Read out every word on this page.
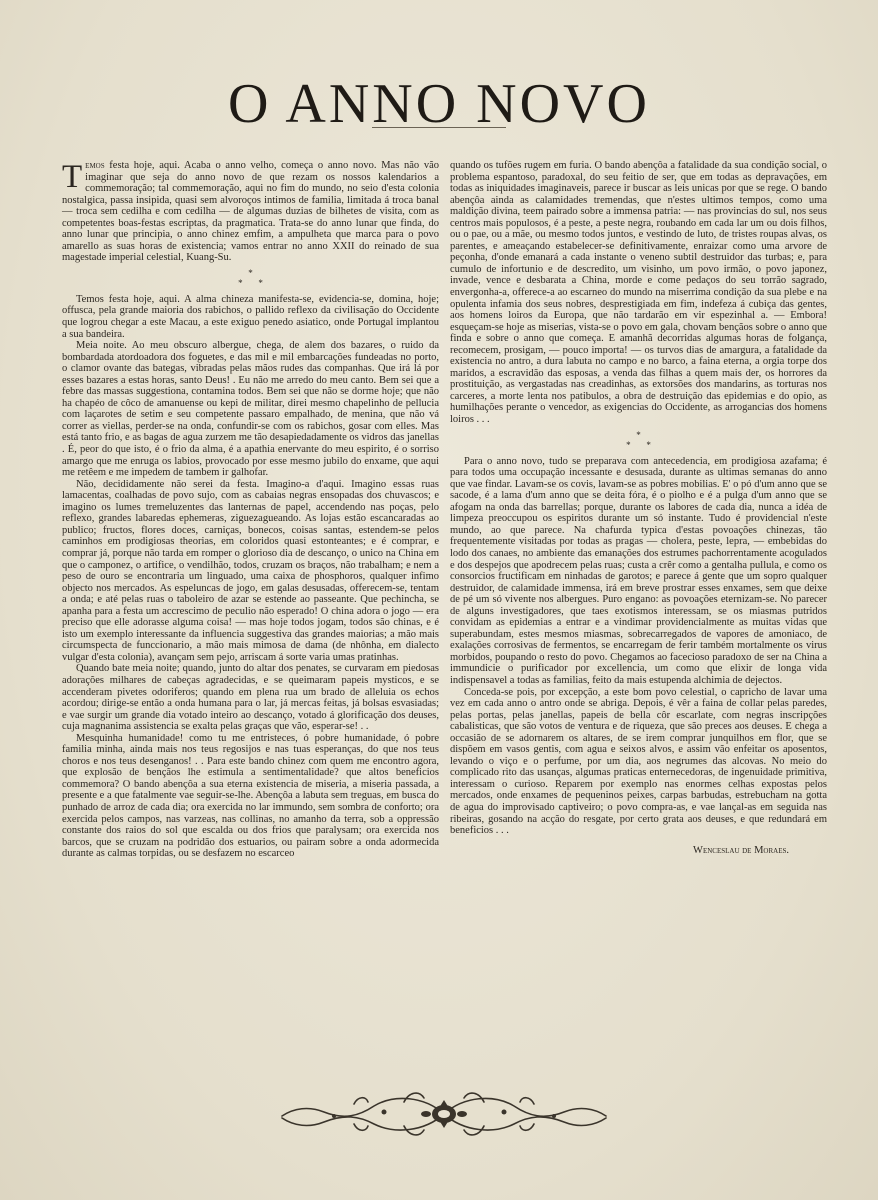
O ANNO NOVO

Temos festa hoje, aqui. Acaba o anno velho, começa o anno novo. Mas não vão imaginar que seja do anno novo de que rezam os nossos kalendarios a commemoração; tal commemoração, aqui no fim do mundo, no seio d'esta colonia nostalgica, passa insipida, quasi sem alvoroços intimos de familia, limitada á troca banal — troca sem cedilha e com cedilha — de algumas duzias de bilhetes de visita, com as competentes boas-festas escriptas, da pragmatica. Trata-se do anno lunar que finda, do anno lunar que principia, o anno chinez emfim, a ampulheta que marca para o povo amarello as suas horas de existencia; vamos entrar no anno XXII do reinado de sua magestade imperial celestial, Kuang-Su.

*
*       *

Temos festa hoje, aqui. A alma chineza manifesta-se, evidencia-se, domina, hoje; offusca, pela grande maioria dos rabichos, o pallido reflexo da civilisação do Occidente que logrou chegar a este Macau, a este exiguo penedo asiatico, onde Portugal implantou a sua bandeira.

Meia noite. Ao meu obscuro albergue, chega, de alem dos bazares, o ruido da bombardada atordoadora dos foguetes, e das mil e mil embarcações fundeadas no porto, o clamor ovante das bategas, vibradas pelas mãos rudes das companhas. Que irá lá por esses bazares a estas horas, santo Deus! . Eu não me arredo do meu canto. Bem sei que a febre das massas suggestiona, contamina todos. Bem sei que não se dorme hoje; que não ha chapéo de côco de amanuense ou kepi de militar, direi mesmo chapelinho de pellucia com laçarotes de setim e seu competente passaro empalhado, de menina, que não vá correr as viellas, perder-se na onda, confundir-se com os rabichos, gosar com elles. Mas está tanto frio, e as bagas de agua zurzem me tão desapiedadamente os vidros das janellas . É, peor do que isto, é o frio da alma, é a apathia enervante do meu espirito, é o sorriso amargo que me enruga os labios, provocado por esse mesmo jubilo do enxame, que aqui me retêem e me impedem de tambem ir galhofar.

Não, decididamente não serei da festa. Imagino-a d'aqui. Imagino essas ruas lamacentas, coalhadas de povo sujo, com as cabaias negras ensopadas dos chuvascos; e imagino os lumes tremeluzentes das lanternas de papel, accendendo nas poças, pelo reflexo, grandes labaredas ephemeras, ziguezagueando. As lojas estão escancaradas ao publico; fructos, flores doces, carniças, bonecos, coisas santas, estendem-se pelos caminhos em prodigiosas theorias, em coloridos quasi estonteantes; e é comprar, e comprar já, porque não tarda em romper o glorioso dia de descanço, o unico na China em que o camponez, o artifice, o vendilhão, todos, cruzam os braços, não trabalham; e nem a peso de ouro se encontraria um linguado, uma caixa de phosphoros, qualquer infimo objecto nos mercados. As espeluncas de jogo, em galas desusadas, offerecem-se, tentam a onda; e até pelas ruas o taboleiro de azar se estende ao passeante. Que pechincha, se apanha para a festa um accrescimo de peculio não esperado! O china adora o jogo — era preciso que elle adorasse alguma coisa! — mas hoje todos jogam, todos são chinas, e é isto um exemplo interessante da influencia suggestiva das grandes maiorias; a mão mais circumspecta de funccionario, a mão mais mimosa de dama (de nhônha, em dialecto vulgar d'esta colonia), avançam sem pejo, arriscam á sorte varia umas pratinhas.

Quando bate meia noite; quando, junto do altar dos penates, se curvaram em piedosas adorações milhares de cabeças agradecidas, e se queimaram papeis mysticos, e se accenderam pivetes odoriferos; quando em plena rua um brado de alleluia os echos acordou; dirige-se então a onda humana para o lar, já mercas feitas, já bolsas esvasiadas; e vae surgir um grande dia votado inteiro ao descanço, votado á glorificação dos deuses, cuja magnanima assistencia se exalta pelas graças que vão, esperar-se! . .

Mesquinha humanidade! como tu me entristeces, ó pobre humanidade, ó pobre familia minha, ainda mais nos teus regosijos e nas tuas esperanças, do que nos teus choros e nos teus desenganos! . . Para este bando chinez com quem me encontro agora, que explosão de bençãos lhe estimula a sentimentalidade? que altos beneficios commemora? O bando abençôa a sua eterna existencia de miseria, a miseria passada, a presente e a que fatalmente vae seguir-se-lhe. Abençôa a labuta sem treguas, em busca do punhado de arroz de cada dia; ora exercida no lar immundo, sem sombra de conforto; ora exercida pelos campos, nas varzeas, nas collinas, no amanho da terra, sob a oppressão constante dos raios do sol que escalda ou dos frios que paralysam; ora exercida nos barcos, que se cruzam na podridão dos estuarios, ou pairam sobre a onda adormecida durante as calmas torpidas, ou se desfazem no escarceo

quando os tufões rugem em furia. O bando abençôa a fatalidade da sua condição social, o problema espantoso, paradoxal, do seu feitio de ser, que em todas as depravações, em todas as iniquidades imaginaveis, parece ir buscar as leis unicas por que se rege. O bando abençôa ainda as calamidades tremendas, que n'estes ultimos tempos, como uma maldição divina, teem pairado sobre a immensa patria: — nas provincias do sul, nos seus centros mais populosos, é a peste, a peste negra, roubando em cada lar um ou dois filhos, ou o pae, ou a mãe, ou mesmo todos juntos, e vestindo de luto, de tristes roupas alvas, os parentes, e ameaçando estabelecer-se definitivamente, enraizar como uma arvore de peçonha, d'onde emanará a cada instante o veneno subtil destruidor das turbas; e, para cumulo de infortunio e de descredito, um visinho, um povo irmão, o povo japonez, invade, vence e desbarata a China, morde e come pedaços do seu torrão sagrado, envergonha-a, offerece-a ao escarneo do mundo na miserrima condição da sua plebe e na opulenta infamia dos seus nobres, desprestigiada em fim, indefeza á cubiça das gentes, aos homens loiros da Europa, que não tardarão em vir espezinhal a. — Embora! esqueçam-se hoje as miserias, vista-se o povo em gala, chovam bençãos sobre o anno que finda e sobre o anno que começa. E amanhã decorridas algumas horas de folgança, recomecem, prosigam, — pouco importa! — os turvos dias de amargura, a fatalidade da existencia no antro, a dura labuta no campo e no barco, a faina eterna, a orgia torpe dos maridos, a escravidão das esposas, a venda das filhas a quem mais der, os horrores da prostituição, as vergastadas nas creadinhas, as extorsões dos mandarins, as torturas nos carceres, a morte lenta nos patibulos, a obra de destruição das epidemias e do opio, as humilhações perante o vencedor, as exigencias do Occidente, as arrogancias dos homens loiros . . .

*
*       *

Para o anno novo, tudo se preparava com antecedencia, em prodigiosa azafama; é para todos uma occupação incessante e desusada, durante as ultimas semanas do anno que vae findar. Lavam-se os covis, lavam-se as pobres mobilias. E' o pó d'um anno que se sacode, é a lama d'um anno que se deita fóra, é o piolho e é a pulga d'um anno que se afogam na onda das barrellas; porque, durante os labores de cada dia, nunca a idéa de limpeza preoccupou os espiritos durante um só instante. Tudo é providencial n'este mundo, ao que parece. Na chafurda typica d'estas povoações chinezas, tão frequentemente visitadas por todas as pragas — cholera, peste, lepra, — embebidas do lodo dos canaes, no ambiente das emanações dos estrumes pachorrentamente acogulados e dos despejos que apodrecem pelas ruas; custa a crêr como a gentalha pullula, e como os consorcios fructificam em ninhadas de garotos; e parece á gente que um sopro qualquer destruidor, de calamidade immensa, irá em breve prostrar esses enxames, sem que deixe de pé um só vivente nos albergues. Puro engano: as povoações eternizam-se. No parecer de alguns investigadores, que taes exotismos interessam, se os miasmas putridos convidam as epidemias a entrar e a vindimar providencialmente as muitas vidas que superabundam, estes mesmos miasmas, sobrecarregados de vapores de amoniaco, de exalações corrosivas de fermentos, se encarregam de ferir também mortalmente os virus morbidos, poupando o resto do povo. Chegamos ao facecioso paradoxo de ser na China a immundicie o purificador por excellencia, um como que elixir de longa vida indispensavel a todas as familias, feito da mais estupenda alchimia de dejectos.

Conceda-se pois, por excepção, a este bom povo celestial, o capricho de lavar uma vez em cada anno o antro onde se abriga. Depois, é vêr a faina de collar pelas paredes, pelas portas, pelas janellas, papeis de bella côr escarlate, com negras inscripções cabalisticas, que são votos de ventura e de riqueza, que são preces aos deuses. E chega a occasião de se adornarem os altares, de se irem comprar junquilhos em flor, que se dispõem em vasos gentis, com agua e seixos alvos, e assim vão enfeitar os aposentos, levando o viço e o perfume, por um dia, aos negrumes das alcovas. No meio do complicado rito das usanças, algumas praticas enternecedoras, de ingenuidade primitiva, interessam o curioso. Reparem por exemplo nas enormes celhas expostas pelos mercados, onde enxames de pequeninos peixes, carpas barbudas, estrebucham na gotta de agua do improvisado captiveiro; o povo compra-as, e vae lançal-as em seguida nas ribeiras, gosando na acção do resgate, por certo grata aos deuses, e que redundará em beneficios . . .

Wenceslau de Moraes.
